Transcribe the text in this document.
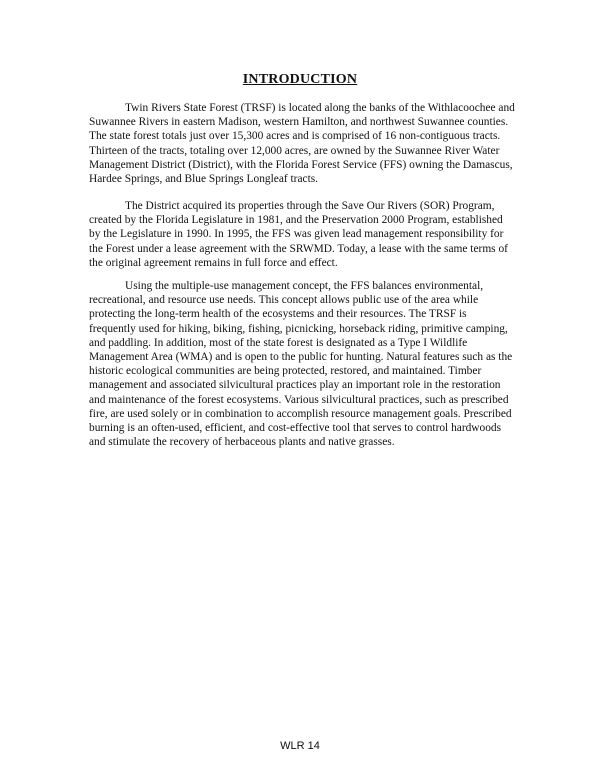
INTRODUCTION

Twin Rivers State Forest (TRSF) is located along the banks of the Withlacoochee and Suwannee Rivers in eastern Madison, western Hamilton, and northwest Suwannee counties. The state forest totals just over 15,300 acres and is comprised of 16 non-contiguous tracts. Thirteen of the tracts, totaling over 12,000 acres, are owned by the Suwannee River Water Management District (District), with the Florida Forest Service (FFS) owning the Damascus, Hardee Springs, and Blue Springs Longleaf tracts.

The District acquired its properties through the Save Our Rivers (SOR) Program, created by the Florida Legislature in 1981, and the Preservation 2000 Program, established by the Legislature in 1990. In 1995, the FFS was given lead management responsibility for the Forest under a lease agreement with the SRWMD. Today, a lease with the same terms of the original agreement remains in full force and effect.

Using the multiple-use management concept, the FFS balances environmental, recreational, and resource use needs. This concept allows public use of the area while protecting the long-term health of the ecosystems and their resources. The TRSF is frequently used for hiking, biking, fishing, picnicking, horseback riding, primitive camping, and paddling. In addition, most of the state forest is designated as a Type I Wildlife Management Area (WMA) and is open to the public for hunting. Natural features such as the historic ecological communities are being protected, restored, and maintained. Timber management and associated silvicultural practices play an important role in the restoration and maintenance of the forest ecosystems. Various silvicultural practices, such as prescribed fire, are used solely or in combination to accomplish resource management goals. Prescribed burning is an often-used, efficient, and cost-effective tool that serves to control hardwoods and stimulate the recovery of herbaceous plants and native grasses.

WLR 14
